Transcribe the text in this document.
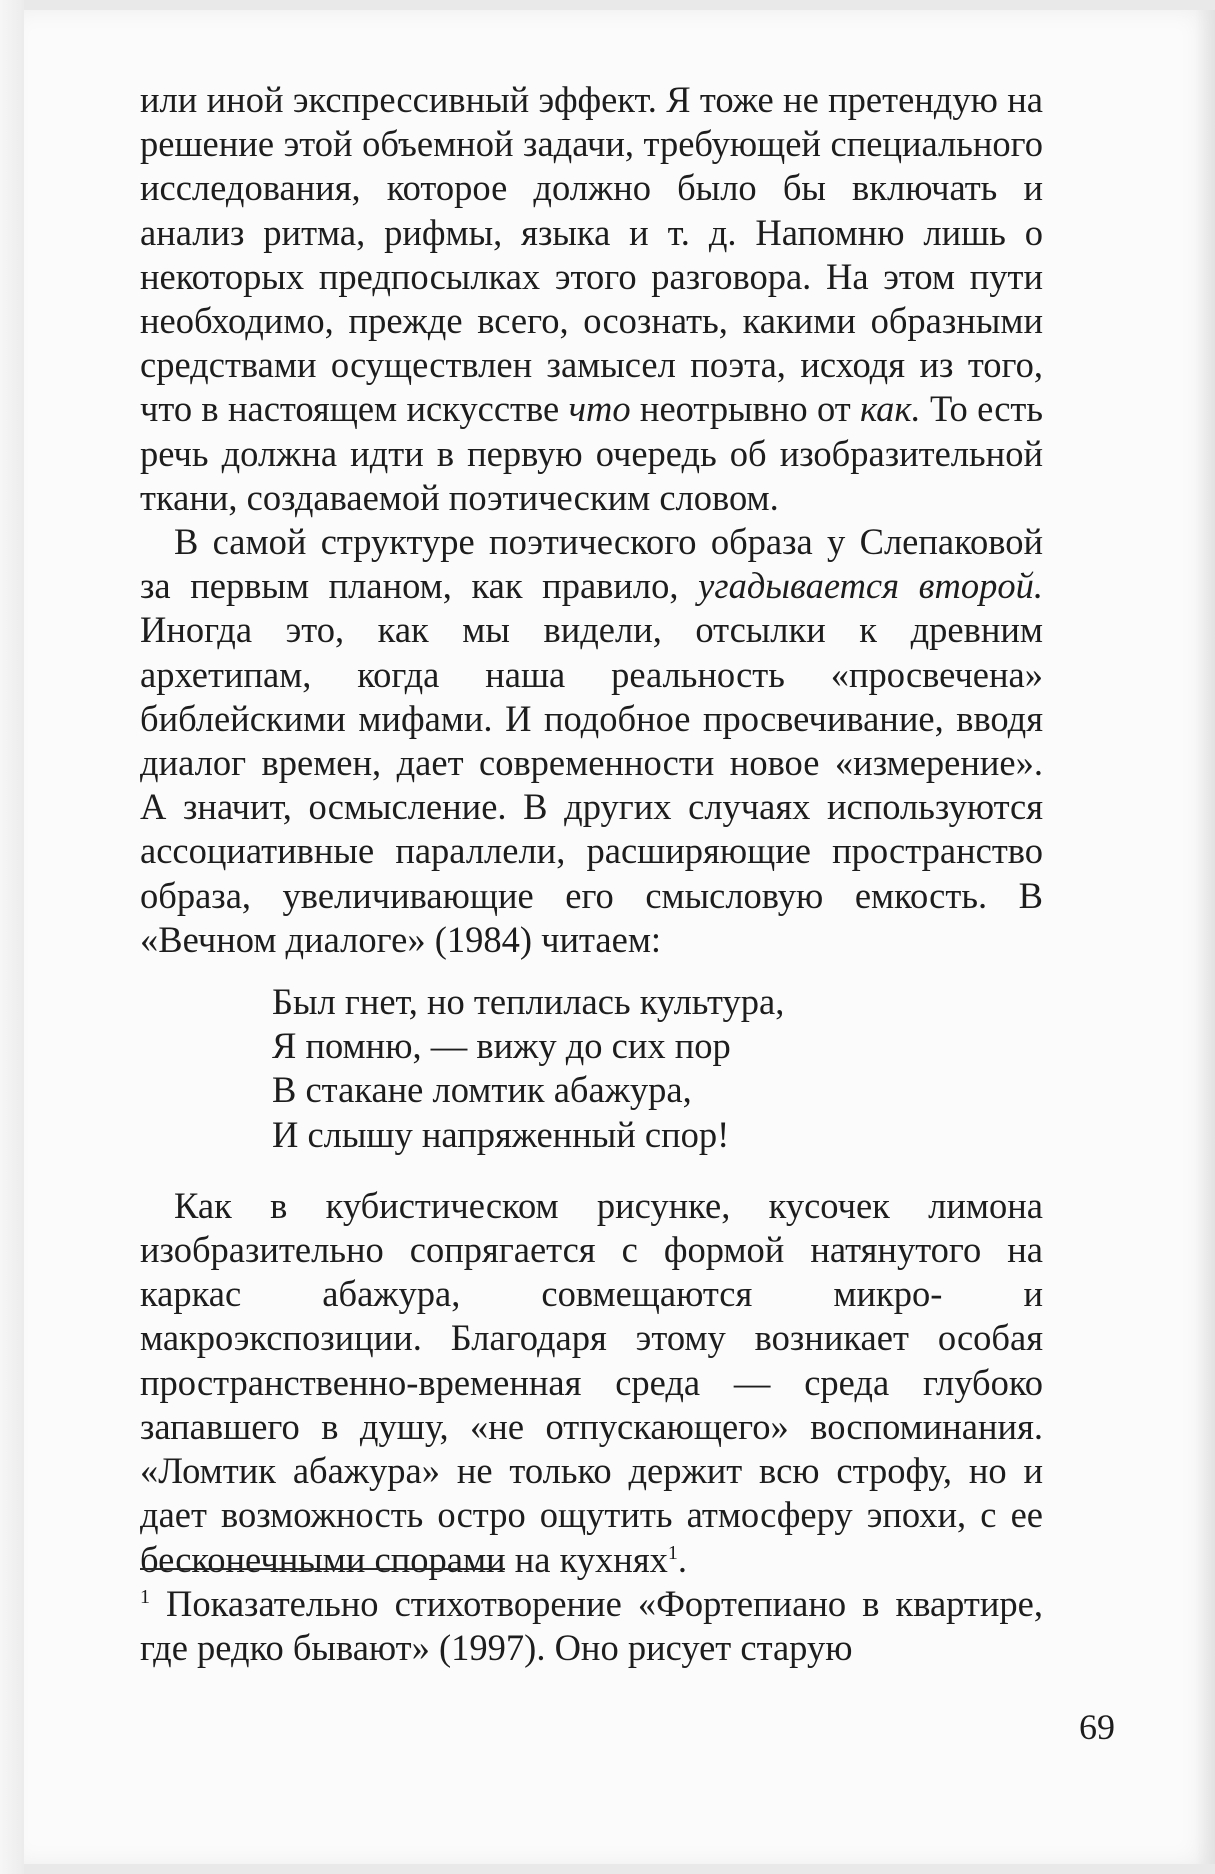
или иной экспрессивный эффект. Я тоже не претендую на решение этой объемной задачи, требующей специального исследования, которое должно было бы включать и анализ ритма, рифмы, языка и т. д. Напомню лишь о некоторых предпосылках этого разговора. На этом пути необходимо, прежде всего, осознать, какими образными средствами осуществлен замысел поэта, исходя из того, что в настоящем искусстве что неотрывно от как. То есть речь должна идти в первую очередь об изобразительной ткани, создаваемой поэтическим словом.

В самой структуре поэтического образа у Слепаковой за первым планом, как правило, угадывается второй. Иногда это, как мы видели, отсылки к древним архетипам, когда наша реальность «просвечена» библейскими мифами. И подобное просвечивание, вводя диалог времен, дает современности новое «измерение». А значит, осмысление. В других случаях используются ассоциативные параллели, расширяющие пространство образа, увеличивающие его смысловую емкость. В «Вечном диалоге» (1984) читаем:

Был гнет, но теплилась культура,
Я помню, — вижу до сих пор
В стакане ломтик абажура,
И слышу напряженный спор!

Как в кубистическом рисунке, кусочек лимона изобразительно сопрягается с формой натянутого на каркас абажура, совмещаются микро- и макроэкспозиции. Благодаря этому возникает особая пространственно-временная среда — среда глубоко запавшего в душу, «не отпускающего» воспоминания. «Ломтик абажура» не только держит всю строфу, но и дает возможность остро ощутить атмосферу эпохи, с ее бесконечными спорами на кухнях$^1$.

$^1$ Показательно стихотворение «Фортепиано в квартире, где редко бывают» (1997). Оно рисует старую

69
